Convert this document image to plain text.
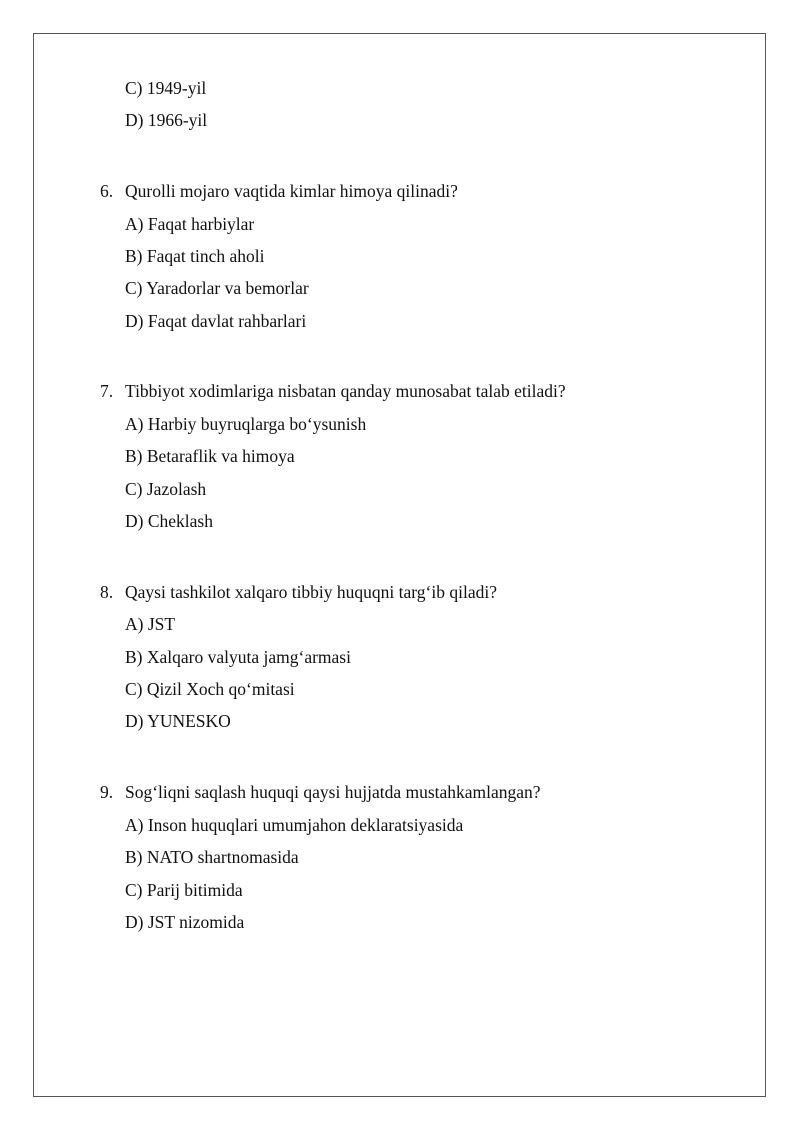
C) 1949-yil
D) 1966-yil
6. Qurolli mojaro vaqtida kimlar himoya qilinadi?
A) Faqat harbiylar
B) Faqat tinch aholi
C) Yaradorlar va bemorlar
D) Faqat davlat rahbarlari
7. Tibbiyot xodimlariga nisbatan qanday munosabat talab etiladi?
A) Harbiy buyruqlarga bo‘ysunish
B) Betaraflik va himoya
C) Jazolash
D) Cheklash
8. Qaysi tashkilot xalqaro tibbiy huquqni targ‘ib qiladi?
A) JST
B) Xalqaro valyuta jamg‘armasi
C) Qizil Xoch qo‘mitasi
D) YUNESKO
9. Sog‘liqni saqlash huquqi qaysi hujjatda mustahkamlangan?
A) Inson huquqlari umumjahon deklaratsiyasida
B) NATO shartnomasida
C) Parij bitimida
D) JST nizomida
